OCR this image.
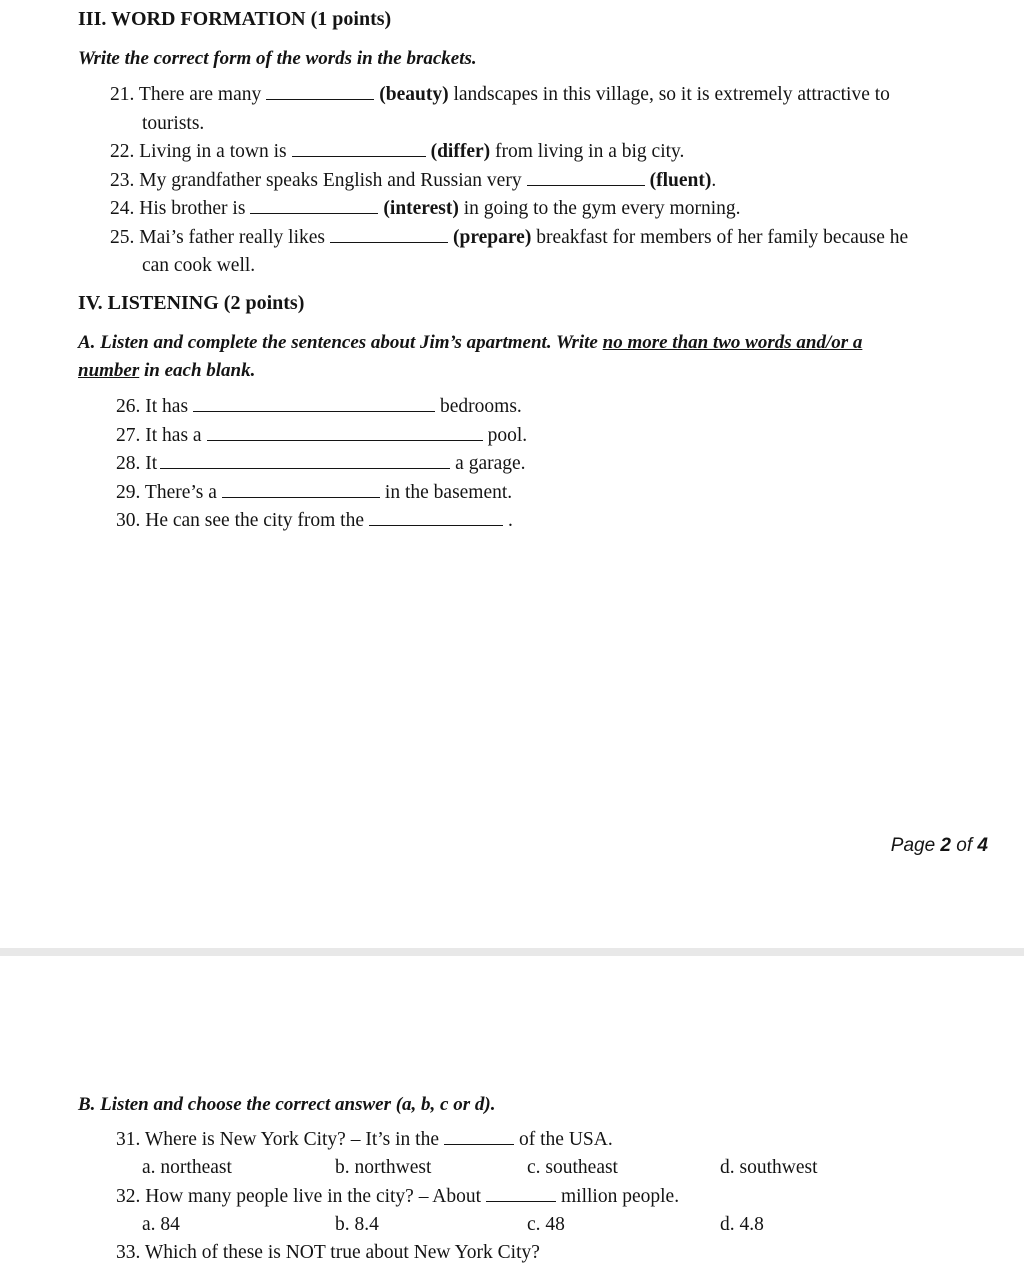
III. WORD FORMATION (1 points)
Write the correct form of the words in the brackets.
21. There are many	(beauty) landscapes in this village, so it is extremely attractive to
tourists.
22. Living in a town is	(differ) from living in a big city.
23. My grandfather speaks English and Russian very	(fluent).
24. His brother is	(interest) in going to the gym every morning.
25. Mai’s father really likes	(prepare) breakfast for members of her family because he
can cook well.
IV. LISTENING (2 points)
A. Listen and complete the sentences about Jim’s apartment. Write no more than two words and/or a
number in each blank.
26. It has	bedrooms.
27. It has a	pool.
28. It	a garage.
29. There’s a	in the basement.
30. He can see the city from the	.
Page 2 of 4
B. Listen and choose the correct answer (a, b, c or d).
31. Where is New York City? – It’s in the	of the USA.
a. northeast	b. northwest	c. southeast	d. southwest
32. How many people live in the city? – About	million people.
a. 84	b. 8.4	c. 48	d. 4.8
33. Which of these is NOT true about New York City?
